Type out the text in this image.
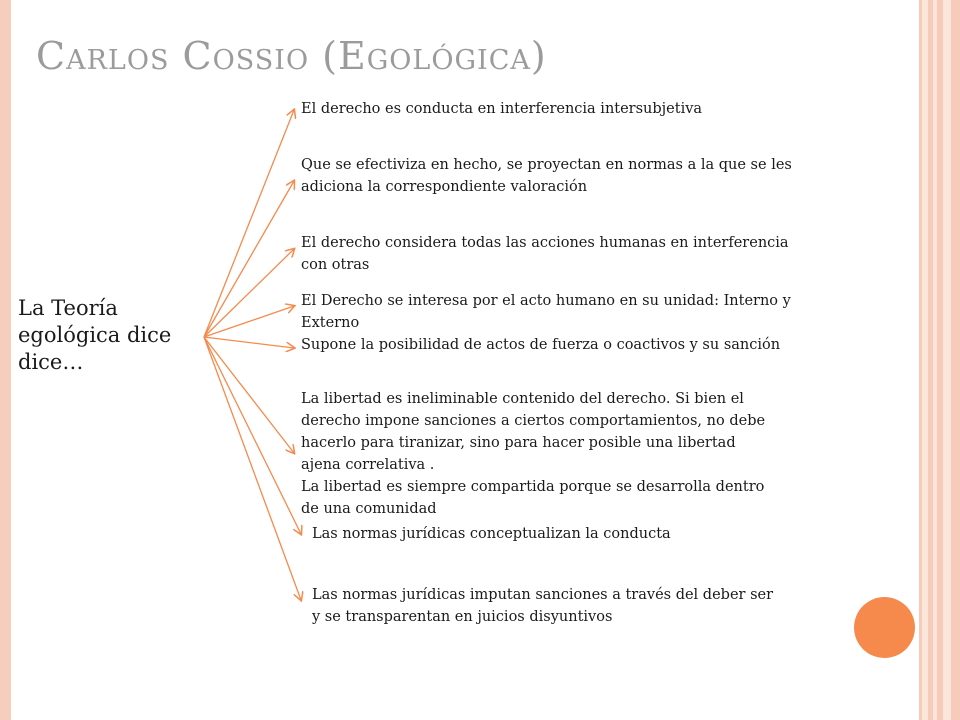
Carlos Cossio (Egológica)
La Teoría egológica dice dice…
El derecho es conducta en interferencia intersubjetiva
Que se efectiviza en hecho, se proyectan en normas a la que se les
adiciona la correspondiente valoración
El derecho considera todas las acciones humanas en interferencia
con otras
El Derecho se interesa por el acto humano en su unidad: Interno y
Externo
Supone la posibilidad de actos de fuerza o coactivos y su sanción
La libertad es ineliminable contenido del derecho. Si bien el
derecho impone sanciones a ciertos comportamientos, no debe
hacerlo para tiranizar, sino para hacer posible una libertad
ajena correlativa .
La libertad es siempre compartida porque se desarrolla dentro
de una comunidad
Las normas jurídicas conceptualizan la conducta
Las normas jurídicas imputan sanciones a través del deber ser
y se transparentan en juicios disyuntivos
